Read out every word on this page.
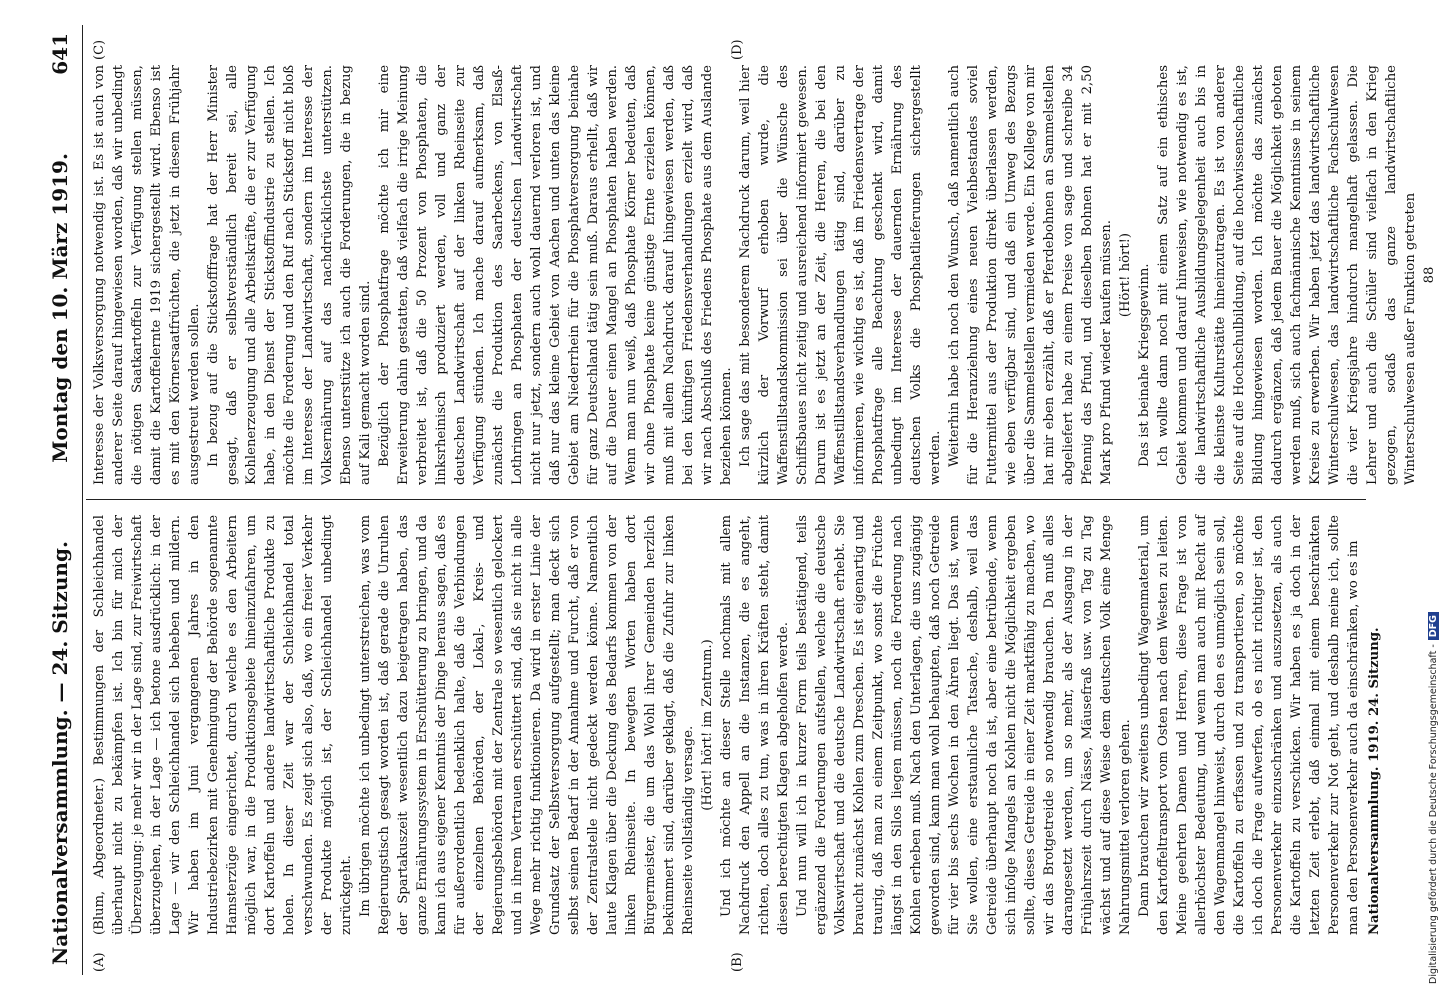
Nationalversammlung. — 24. Sitzung.
Montag den 10. März 1919.
641
(A)	(B)
(C)	(D)

(Blum, Abgeordneter.) Bestimmungen der Schleichhandel überhaupt nicht zu bekämpfen ist. Ich bin für mich der Überzeugung: je mehr wir in der Lage sind, zur Freiwirtschaft überzugehen, in der Lage — ich betone ausdrücklich: in der Lage — wir den Schleichhandel sich beheben und mildern. Wir haben im Juni vergangenen Jahres in den Industriebezirken mit Genehmigung der Behörde sogenannte Hamsterzüge eingerichtet, durch welche es den Arbeitern möglich war, in die Produktionsgebiete hineinzufahren, um dort Kartoffeln und andere landwirtschaftliche Produkte zu holen. In dieser Zeit war der Schleichhandel total verschwunden. Es zeigt sich also, daß, wo ein freier Verkehr der Produkte möglich ist, der Schleichhandel unbedingt zurückgeht. Im übrigen möchte ich unbedingt unterstreichen, was vom Regierungstisch gesagt worden ist, daß gerade die Unruhen der Spartakuszeit wesentlich dazu beigetragen haben, das ganze Ernährungssystem in Erschütterung zu bringen, und da kann ich aus eigener Kenntnis der Dinge heraus sagen, daß es für außerordentlich bedenklich halte, daß die Verbindungen der einzelnen Behörden, der Lokal-, Kreis- und Regierungsbehörden mit der Zentrale so wesentlich gelockert und in ihrem Vertrauen erschüttert sind, daß sie nicht in alle Wege mehr richtig funktionieren. Da wird in erster Linie der Grundsatz der Selbstversorgung aufgestellt; man deckt sich selbst seinen Bedarf in der Annahme und Furcht, daß er von der Zentralstelle nicht gedeckt werden könne. Namentlich laute Klagen über die Deckung des Bedarfs kommen von der linken Rheinseite. In bewegten Worten haben dort Bürgermeister, die um das Wohl ihrer Gemeinden herzlich bekümmert sind, darüber geklagt, daß die Zufuhr zur linken Rheinseite vollständig versage.

(Hört! hört! im Zentrum.) Und ich möchte an dieser Stelle nochmals mit allem Nachdruck den Appell an die Instanzen, die es angeht, richten, doch alles zu tun, was in ihren Kräften steht, damit diesen berechtigten Klagen abgeholfen werde. Und nun will ich in kurzer Form teils bestätigend, teils ergänzend die Forderungen aufstellen, welche die deutsche Volkswirtschaft und die deutsche Landwirtschaft erhebt. Sie braucht zunächst Kohlen zum Dreschen. Es ist eigenartig und traurig, daß man zu einem Zeitpunkt, wo sonst die Früchte längst in den Silos liegen müssen, noch die Forderung nach Kohlen erheben muß. Nach den Unterlagen, die uns zugängig geworden sind, kann man wohl behaupten, daß noch Getreide für vier bis sechs Wochen in den Ähren liegt. Das ist, wenn Sie wollen, eine erstaunliche Tatsache, deshalb, weil das Getreide überhaupt noch da ist, aber eine betrübende, wenn sich infolge Mangels an Kohlen nicht die Möglichkeit ergeben sollte, dieses Getreide in einer Zeit marktfähig zu machen, wo wir das Brotgetreide so notwendig brauchen. Da muß alles darangesetzt werden, um so mehr, als der Ausgang in der Frühjahrszeit durch Nässe, Mäusefraß usw. von Tag zu Tag wächst und auf diese Weise dem deutschen Volk eine Menge Nahrungsmittel verloren gehen. Dann brauchen wir zweitens unbedingt Wagenmaterial, um den Kartoffeltransport vom Osten nach dem Westen zu leiten. Meine geehrten Damen und Herren, diese Frage ist von allerhöchster Bedeutung, und wenn man auch mit Recht auf den Wagenmangel hinweist, durch den es unmöglich sein soll, die Kartoffeln zu erfassen und zu transportieren, so möchte ich doch die Frage aufwerfen, ob es nicht richtiger ist, den Personenverkehr einzuschränken und auszusetzen, als auch die Kartoffeln zu verschicken. Wir haben es ja doch in der letzten Zeit erlebt, daß einmal mit einem beschränkten Personenverkehr zur Not geht, und deshalb meine ich, sollte man den Personenverkehr auch da einschränken, wo es im Nationalversammlung. 1919. 24. Sitzung.

Interesse der Volksversorgung notwendig ist. Es ist auch von anderer Seite darauf hingewiesen worden, daß wir unbedingt die nötigen Saatkartoffeln zur Verfügung stellen müssen, damit die Kartoffelernte 1919 sichergestellt wird. Ebenso ist es mit den Körnersaatfrüchten, die jetzt in diesem Frühjahr ausgestreut werden sollen. In bezug auf die Stickstofffrage hat der Herr Minister gesagt, daß er selbstverständlich bereit sei, alle Kohlenerzeugung und alle Arbeitskräfte, die er zur Verfügung habe, in den Dienst der Stickstoffindustrie zu stellen. Ich möchte die Forderung und den Ruf nach Stickstoff nicht bloß im Interesse der Landwirtschaft, sondern im Interesse der Volksernährung auf das nachdrücklichste unterstützen. Ebenso unterstütze ich auch die Forderungen, die in bezug auf Kali gemacht worden sind. Bezüglich der Phosphatfrage möchte ich mir eine Erweiterung dahin gestatten, daß vielfach die irrige Meinung verbreitet ist, daß die 50 Prozent von Phosphaten, die linksrheinisch produziert werden, voll und ganz der deutschen Landwirtschaft auf der linken Rheinseite zur Verfügung stünden. Ich mache darauf aufmerksam, daß zunächst die Produktion des Saarbeckens, von Elsaß-Lothringen an Phosphaten der deutschen Landwirtschaft nicht nur jetzt, sondern auch wohl dauernd verloren ist, und daß nur das kleine Gebiet von Aachen und unten das kleine Gebiet am Niederrhein für die Phosphatversorgung beinahe für ganz Deutschland tätig sein muß. Daraus erhellt, daß wir auf die Dauer einen Mangel an Phosphaten haben werden. Wenn man nun weiß, daß Phosphate Körner bedeuten, daß wir ohne Phosphate keine günstige Ernte erzielen können, muß mit allem Nachdruck darauf hingewiesen werden, daß bei den künftigen Friedensverhandlungen erzielt wird, daß wir nach Abschluß des Friedens Phosphate aus dem Auslande beziehen können. Ich sage das mit besonderem Nachdruck darum, weil hier kürzlich der Vorwurf erhoben wurde, die Waffenstillstandskommission sei über die Wünsche des Schiffsbaues nicht zeitig und ausreichend informiert gewesen. Darum ist es jetzt an der Zeit, die Herren, die bei den Waffenstillstandsverhandlungen tätig sind, darüber zu informieren, wie wichtig es ist, daß im Friedensvertrage der Phosphatfrage alle Beachtung geschenkt wird, damit unbedingt im Interesse der dauernden Ernährung des deutschen Volks die Phosphatlieferungen sichergestellt werden. Weiterhin habe ich noch den Wunsch, daß namentlich auch für die Heranziehung eines neuen Viehbestandes soviel Futtermittel aus der Produktion direkt überlassen werden, wie eben verfügbar sind, und daß ein Umweg des Bezugs über die Sammelstellen vermieden werde. Ein Kollege von mir hat mir eben erzählt, daß er Pferdebohnen an Sammelstellen abgeliefert habe zu einem Preise von sage und schreibe 34 Pfennig das Pfund, und dieselben Bohnen hat er mit 2,50 Mark pro Pfund wieder kaufen müssen. (Hört! hört!) Das ist beinahe Kriegsgewinn. Ich wollte dann noch mit einem Satz auf ein ethisches Gebiet kommen und darauf hinweisen, wie notwendig es ist, die landwirtschaftliche Ausbildungsgelegenheit auch bis in die kleinste Kulturstätte hineinzutragen. Es ist von anderer Seite auf die Hochschulbildung, auf die hochwissenschaftliche Bildung hingewiesen worden. Ich möchte das zunächst dadurch ergänzen, daß jedem Bauer die Möglichkeit geboten werden muß, sich auch fachmännische Kenntnisse in seinem Kreise zu erwerben. Wir haben jetzt das landwirtschaftliche Winterschulwesen, das landwirtschaftliche Fachschulwesen die vier Kriegsjahre hindurch mangelhaft gelassen. Die Lehrer und auch die Schüler sind vielfach in den Krieg gezogen, sodaß das ganze landwirtschaftliche Winterschulwesen außer Funktion getreten 88

Digitalisierung gefördert durch die Deutsche Forschungsgemeinschaft -DFG
